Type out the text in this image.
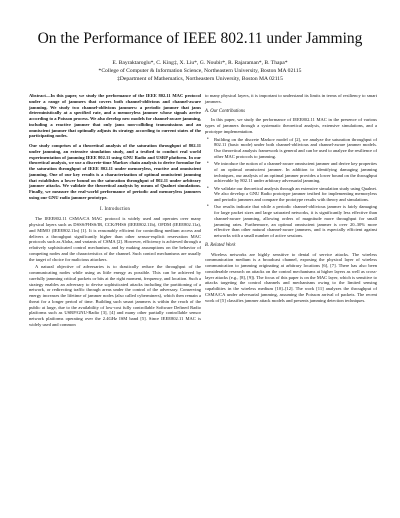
On the Performance of IEEE 802.11 under Jamming
E. Bayraktaroglu*, C. King‡, X. Liu*, G. Noubir*, R. Rajaraman*, B. Thapa*
*College of Computer & Information Science, Northeastern University, Boston MA 02115
‡Department of Mathematics, Northeastern University, Boston MA 02115

Abstract—In this paper, we study the performance of the IEEE 802.11 MAC protocol under a range of jammers that covers both channel-oblivious and channel-aware jamming. We study two channel-oblivious jammers: a periodic jammer that jams deterministically at a specified rate, and a memoryless jammer whose signals arrive according to a Poisson process. We also develop new models for channel-aware jamming, including a reactive jammer that only jams non-colliding transmissions and an omniscient jammer that optimally adjusts its strategy according to current states of the participating nodes.

Our study comprises of a theoretical analysis of the saturation throughput of 802.11 under jamming, an extensive simulation study, and a testbed to conduct real world experimentation of jamming IEEE 802.11 using GNU Radio and USRP platform. In our theoretical analysis, we use a discrete-time Markov chain analysis to derive formulae for the saturation throughput of IEEE 802.11 under memoryless, reactive and omniscient jamming. One of our key results is a characterization of optimal omniscient jamming that establishes a lower bound on the saturation throughput of 802.11 under arbitrary jammer attacks. We validate the theoretical analysis by means of Qualnet simulations. Finally, we measure the real-world performance of periodic and memoryless jammers using our GNU radio jammer prototype.

I. Introduction

The IEEE802.11 CSMA/CA MAC protocol is widely used and operates over many physical layers such as DSSS/FHSS/IR, CCK/FHSS (IEEE802.11b), OFDM (IEEE802.11a), and MIMO (IEEE802.11n) [1]. It is reasonably efficient for controlling medium access and delivers a throughput significantly higher than other sensor-explicit reservation MAC protocols such as Aloha, and variants of CSMA [2]. However, efficiency is achieved through a relatively sophisticated control mechanism, and by making assumptions on the behavior of competing nodes and the characteristics of the channel. Such control mechanisms are usually the target of choice for malicious attackers.

A natural objective of adversaries is to drastically reduce the throughput of the communicating nodes while using as little energy as possible. This can be achieved by carefully jamming critical packets or bits at the right moment, frequency, and location. Such a strategy enables an adversary to devise sophisticated attacks including the partitioning of a network, or redirecting traffic through areas under the control of the adversary. Conserving energy increases the lifetime of jammer nodes (also called cyberminers), which then remain a threat for a longer period of time. Building such smart jammers is within the reach of the public at large, due to the availability of low-cost fully controllable Software Defined Radio platforms such as USRP/GNU-Radio [3], [4] and many other partially controllable sensor network platforms operating over the 2.4GHz ISM band [5]. Since IEEE802.11 MAC is widely used and common

to many physical layers, it is important to understand its limits in terms of resiliency to smart jammers.

A. Our Contributions

In this paper, we study the performance of IEEE802.11 MAC in the presence of various types of jammers through a systematic theoretical analysis, extensive simulations, and a prototype implementation.

• Building on the discrete Markov model of [2], we analyze the saturation throughput of 802.11 (basic mode) under both channel-oblivious and channel-aware jammer models. Our theoretical analysis framework is general and can be used to analyze the resilience of other MAC protocols to jamming.
• We introduce the notion of a channel-aware omniscient jammer and derive key properties of an optimal omniscient jammer. In addition to identifying damaging jamming techniques, our analysis of an optimal jammer provides a lower bound on the throughput achievable by 802.11 under arbitrary adversarial jamming.
• We validate our theoretical analysis through an extensive simulation study using Qualnet. We also develop a GNU Radio prototype jammer testbed for implementing memoryless and periodic jammers and compare the prototype results with theory and simulations.
• Our results indicate that while a periodic channel-oblivious jammer is fairly damaging for large packet sizes and large saturated networks, it is significantly less effective than channel-aware jamming, allowing orders of magnitude more throughput for small jamming rates. Furthermore, an optimal omniscient jammer is over 20–30% more effective than other natural channel-aware jammers, and is especially efficient against networks with a small number of active sessions.
B. Related Work

Wireless networks are highly sensitive to denial of service attacks. The wireless communication medium is a broadcast channel, exposing the physical layer of wireless communication to jamming originating at arbitrary locations [6], [7]. There has also been considerable research on attacks on the control mechanisms at higher layers as well as cross-layer attacks (e.g., [8], [9]). The focus of this paper is on the MAC layer, which is sensitive to attacks targeting the control channels and mechanisms owing to the limited sensing capabilities in the wireless medium [10]–[12]. The work [11] analyzes the throughput of CSMA/CA under adversarial jamming, assuming the Poisson arrival of packets. The recent work of [5] classifies jammer attack models and presents jamming detection techniques.
